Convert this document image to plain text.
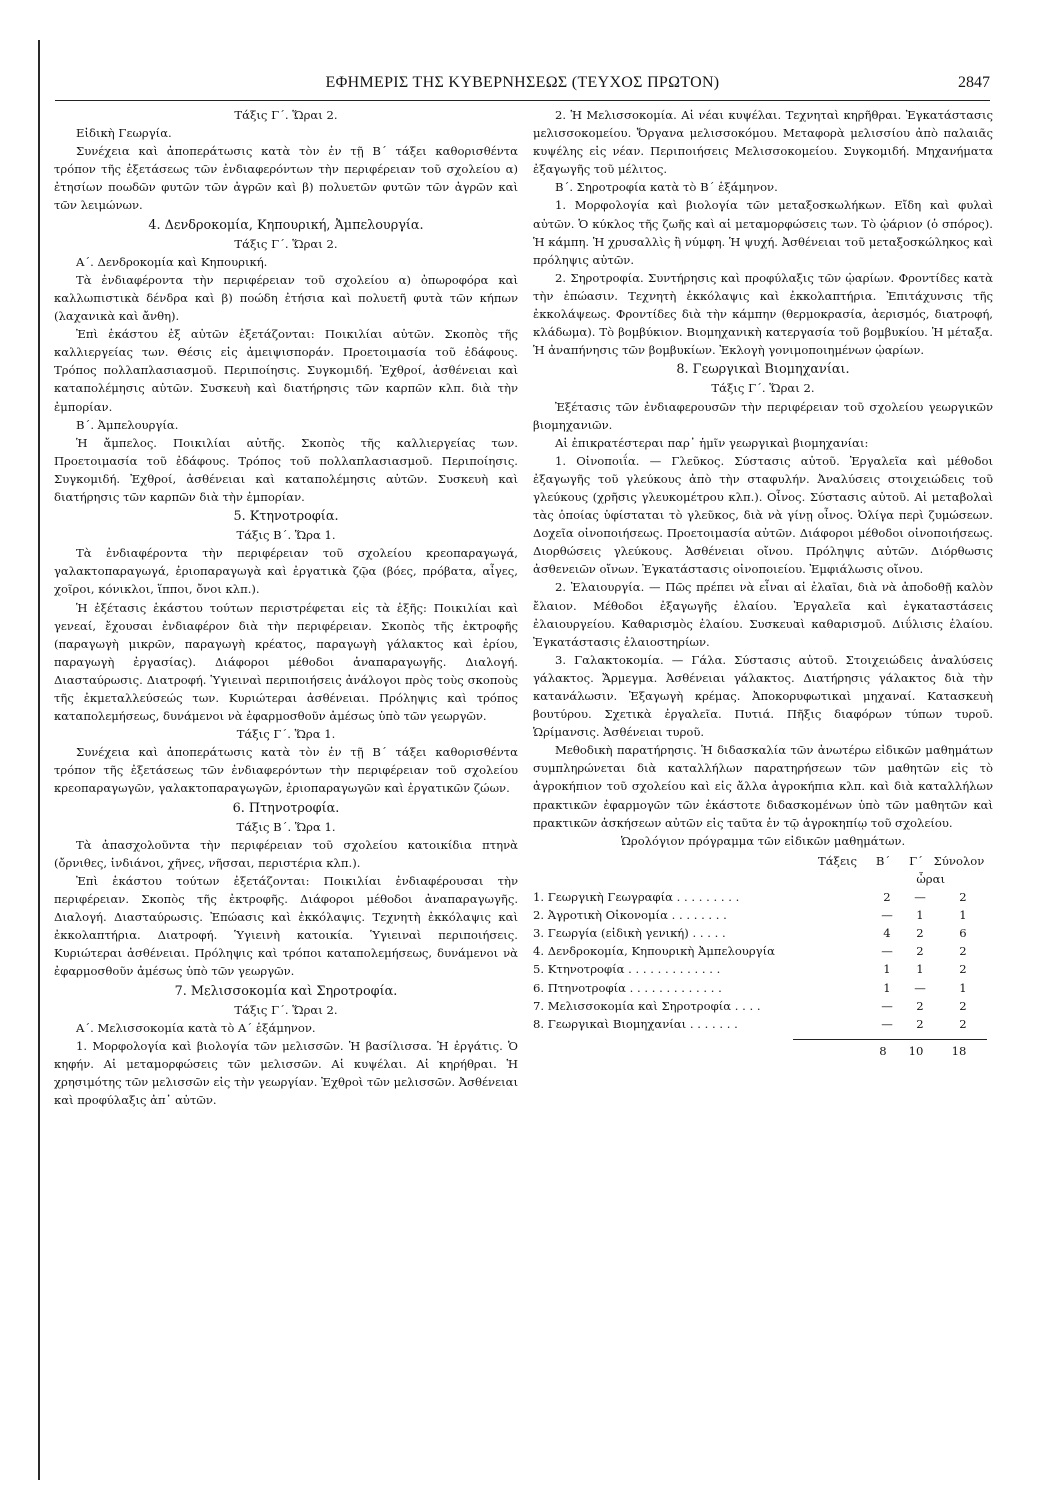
ΕΦΗΜΕΡΙΣ ΤΗΣ ΚΥΒΕΡΝΗΣΕΩΣ (ΤΕΥΧΟΣ ΠΡΩΤΟΝ)	2847
Τάξις Γ΄. Ὥραι 2.
Εἰδικὴ Γεωργία.

Συνέχεια καὶ ἀποπεράτωσις κατὰ τὸν ἐν τῇ Β΄ τάξει καθορισθέντα τρόπον τῆς ἐξετάσεως τῶν ἐνδιαφερόντων τὴν περιφέρειαν τοῦ σχολείου α) ἐτησίων ποωδῶν φυτῶν τῶν ἀγρῶν καὶ β) πολυετῶν φυτῶν τῶν ἀγρῶν καὶ τῶν λειμώνων.

4. Δενδροκομία, Κηπουρική, Ἀμπελουργία.
Τάξις Γ΄. Ὥραι 2.
Α΄. Δενδροκομία καὶ Κηπουρική.

Τὰ ἐνδιαφέροντα τὴν περιφέρειαν τοῦ σχολείου α) ὀπωροφόρα καὶ καλλωπιστικὰ δένδρα καὶ β) ποώδη ἐτήσια καὶ πολυετῆ φυτὰ τῶν κήπων (λαχανικὰ καὶ ἄνθη).

Ἐπὶ ἑκάστου ἐξ αὐτῶν ἐξετάζονται: Ποικιλίαι αὐτῶν. Σκοπὸς τῆς καλλιεργείας των. Θέσις εἰς ἀμειψισποράν. Προετοιμασία τοῦ ἐδάφους. Τρόπος πολλαπλασιασμοῦ. Περιποίησις. Συγκομιδή. Ἐχθροί, ἀσθένειαι καὶ καταπολέμησις αὐτῶν. Συσκευὴ καὶ διατήρησις τῶν καρπῶν κλπ. διὰ τὴν ἐμπορίαν.

Β΄. Ἀμπελουργία.

Ἡ ἄμπελος. Ποικιλίαι αὐτῆς. Σκοπὸς τῆς καλλιεργείας των. Προετοιμασία τοῦ ἐδάφους. Τρόπος τοῦ πολλαπλασιασμοῦ. Περιποίησις. Συγκομιδή. Ἐχθροί, ἀσθένειαι καὶ καταπολέμησις αὐτῶν. Συσκευὴ καὶ διατήρησις τῶν καρπῶν διὰ τὴν ἐμπορίαν.

5. Κτηνοτροφία.
Τάξις Β΄. Ὥρα 1.

Τὰ ἐνδιαφέροντα τὴν περιφέρειαν τοῦ σχολείου κρεοπαραγωγά, γαλακτοπαραγωγά, ἐριοπαραγωγὰ καὶ ἐργατικὰ ζῷα (βόες, πρόβατα, αἶγες, χοῖροι, κόνικλοι, ἵπποι, ὄνοι κλπ.).

Ἡ ἐξέτασις ἑκάστου τούτων περιστρέφεται εἰς τὰ ἑξῆς: Ποικιλίαι καὶ γενεαί, ἔχουσαι ἐνδιαφέρον διὰ τὴν περιφέρειαν. Σκοπὸς τῆς ἐκτροφῆς (παραγωγὴ μικρῶν, παραγωγὴ κρέατος, παραγωγὴ γάλακτος καὶ ἐρίου, παραγωγὴ ἐργασίας). Διάφοροι μέθοδοι ἀναπαραγωγῆς. Διαλογή. Διασταύρωσις. Διατροφή. Ὑγιειναὶ περιποιήσεις ἀνάλογοι πρὸς τοὺς σκοποὺς τῆς ἐκμεταλλεύσεώς των. Κυριώτεραι ἀσθένειαι. Πρόληψις καὶ τρόπος καταπολεμήσεως, δυνάμενοι νὰ ἐφαρμοσθοῦν ἀμέσως ὑπὸ τῶν γεωργῶν.

Τάξις Γ΄. Ὥρα 1.

Συνέχεια καὶ ἀποπεράτωσις κατὰ τὸν ἐν τῇ Β΄ τάξει καθορισθέντα τρόπον τῆς ἐξετάσεως τῶν ἐνδιαφερόντων τὴν περιφέρειαν τοῦ σχολείου κρεοπαραγωγῶν, γαλακτοπαραγωγῶν, ἐριοπαραγωγῶν καὶ ἐργατικῶν ζώων.

6. Πτηνοτροφία.
Τάξις Β΄. Ὥρα 1.

Τὰ ἀπασχολοῦντα τὴν περιφέρειαν τοῦ σχολείου κατοικίδια πτηνὰ (ὄρνιθες, ἰνδιάνοι, χῆνες, νῆσσαι, περιστέρια κλπ.).

Ἐπὶ ἑκάστου τούτων ἐξετάζονται: Ποικιλίαι ἐνδιαφέρουσαι τὴν περιφέρειαν. Σκοπὸς τῆς ἐκτροφῆς. Διάφοροι μέθοδοι ἀναπαραγωγῆς. Διαλογή. Διασταύρωσις. Ἐπώασις καὶ ἐκκόλαψις. Τεχνητὴ ἐκκόλαψις καὶ ἐκκολαπτήρια. Διατροφή. Ὑγιεινὴ κατοικία. Ὑγιειναὶ περιποιήσεις. Κυριώτεραι ἀσθένειαι. Πρόληψις καὶ τρόποι καταπολεμήσεως, δυνάμενοι νὰ ἐφαρμοσθοῦν ἀμέσως ὑπὸ τῶν γεωργῶν.

7. Μελισσοκομία καὶ Σηροτροφία.
Τάξις Γ΄. Ὥραι 2.
Α΄. Μελισσοκομία κατὰ τὸ Α΄ ἑξάμηνον.

1. Μορφολογία καὶ βιολογία τῶν μελισσῶν. Ἡ βασίλισσα. Ἡ ἐργάτις. Ὁ κηφήν. Αἱ μεταμορφώσεις τῶν μελισσῶν. Αἱ κυψέλαι. Αἱ κηρήθραι. Ἡ χρησιμότης τῶν μελισσῶν εἰς τὴν γεωργίαν. Ἐχθροὶ τῶν μελισσῶν. Ἀσθένειαι καὶ προφύλαξις ἀπ᾿ αὐτῶν.

2. Ἡ Μελισσοκομία. Αἱ νέαι κυψέλαι. Τεχνηταὶ κηρῆθραι. Ἐγκατάστασις μελισσοκομείου. Ὄργανα μελισσοκόμου. Μεταφορὰ μελισσίου ἀπὸ παλαιᾶς κυψέλης εἰς νέαν. Περιποιήσεις Μελισσοκομείου. Συγκομιδή. Μηχανήματα ἐξαγωγῆς τοῦ μέλιτος.

Β΄. Σηροτροφία κατὰ τὸ Β΄ ἑξάμηνον.

1. Μορφολογία καὶ βιολογία τῶν μεταξοσκωλήκων. Εἴδη καὶ φυλαὶ αὐτῶν. Ὁ κύκλος τῆς ζωῆς καὶ αἱ μεταμορφώσεις των. Τὸ ᾠάριον (ὁ σπόρος). Ἡ κάμπη. Ἡ χρυσαλλὶς ἢ νύμφη. Ἡ ψυχή. Ἀσθένειαι τοῦ μεταξοσκώληκος καὶ πρόληψις αὐτῶν.

2. Σηροτροφία. Συντήρησις καὶ προφύλαξις τῶν ᾠαρίων. Φροντίδες κατὰ τὴν ἐπώασιν. Τεχνητὴ ἐκκόλαψις καὶ ἐκκολαπτήρια. Ἐπιτάχυνσις τῆς ἐκκολάψεως. Φροντίδες διὰ τὴν κάμπην (θερμοκρασία, ἀερισμός, διατροφή, κλάδωμα). Τὸ βομβύκιον. Βιομηχανικὴ κατεργασία τοῦ βομβυκίου. Ἡ μέταξα. Ἡ ἀναπήνησις τῶν βομβυκίων. Ἐκλογὴ γονιμοποιημένων ᾠαρίων.

8. Γεωργικαὶ Βιομηχανίαι.
Τάξις Γ΄. Ὥραι 2.

Ἐξέτασις τῶν ἐνδιαφερουσῶν τὴν περιφέρειαν τοῦ σχολείου γεωργικῶν βιομηχανιῶν.

Αἱ ἐπικρατέστεραι παρ᾿ ἡμῖν γεωργικαὶ βιομηχανίαι:

1. Οἰνοποιΐα. — Γλεῦκος. Σύστασις αὐτοῦ. Ἐργαλεῖα καὶ μέθοδοι ἐξαγωγῆς τοῦ γλεύκους ἀπὸ τὴν σταφυλήν. Ἀναλύσεις στοιχειώδεις τοῦ γλεύκους (χρῆσις γλευκομέτρου κλπ.). Οἶνος. Σύστασις αὐτοῦ. Αἱ μεταβολαὶ τὰς ὁποίας ὑφίσταται τὸ γλεῦκος, διὰ νὰ γίνῃ οἶνος. Ὀλίγα περὶ ζυμώσεων. Δοχεῖα οἰνοποιήσεως. Προετοιμασία αὐτῶν. Διάφοροι μέθοδοι οἰνοποιήσεως. Διορθώσεις γλεύκους. Ἀσθένειαι οἴνου. Πρόληψις αὐτῶν. Διόρθωσις ἀσθενειῶν οἴνων. Ἐγκατάστασις οἰνοποιείου. Ἐμφιάλωσις οἴνου.

2. Ἐλαιουργία. — Πῶς πρέπει νὰ εἶναι αἱ ἐλαῖαι, διὰ νὰ ἀποδοθῇ καλὸν ἔλαιον. Μέθοδοι ἐξαγωγῆς ἐλαίου. Ἐργαλεῖα καὶ ἐγκαταστάσεις ἐλαιουργείου. Καθαρισμὸς ἐλαίου. Συσκευαὶ καθαρισμοῦ. Διΰλισις ἐλαίου. Ἐγκατάστασις ἐλαιοστηρίων.

3. Γαλακτοκομία. — Γάλα. Σύστασις αὐτοῦ. Στοιχειώδεις ἀναλύσεις γάλακτος. Ἄρμεγμα. Ἀσθένειαι γάλακτος. Διατήρησις γάλακτος διὰ τὴν κατανάλωσιν. Ἐξαγωγὴ κρέμας. Ἀποκορυφωτικαὶ μηχαναί. Κατασκευὴ βουτύρου. Σχετικὰ ἐργαλεῖα. Πυτιά. Πῆξις διαφόρων τύπων τυροῦ. Ὡρίμανσις. Ἀσθένειαι τυροῦ.

Μεθοδικὴ παρατήρησις. Ἡ διδασκαλία τῶν ἀνωτέρω εἰδικῶν μαθημάτων συμπληρώνεται διὰ καταλλήλων παρατηρήσεων τῶν μαθητῶν εἰς τὸ ἀγροκήπιον τοῦ σχολείου καὶ εἰς ἄλλα ἀγροκήπια κλπ. καὶ διὰ καταλλήλων πρακτικῶν ἐφαρμογῶν τῶν ἑκάστοτε διδασκομένων ὑπὸ τῶν μαθητῶν καὶ πρακτικῶν ἀσκήσεων αὐτῶν εἰς ταῦτα ἐν τῷ ἀγροκηπίῳ τοῦ σχολείου.

Ὡρολόγιον πρόγραμμα τῶν εἰδικῶν μαθημάτων.
Τάξεις	Β΄	Γ΄ Σύνολον
ὧραι
1. Γεωργικὴ Γεωγραφία . . . . . . . . .	2	—	2
2. Ἀγροτικὴ Οἰκονομία . . . . . . . .	—	1	1
3. Γεωργία (εἰδικὴ γενική) . . . . .	4	2	6
4. Δενδροκομία, Κηπουρικὴ Ἀμπελουργία	—	2	2
5. Κτηνοτροφία . . . . . . . . . . . . .	1	1	2
6. Πτηνοτροφία . . . . . . . . . . . . .	1	—	1
7. Μελισσοκομία καὶ Σηροτροφία . . . .	—	2	2
8. Γεωργικαὶ Βιομηχανίαι . . . . . . .	—	2	2
8	10	18
